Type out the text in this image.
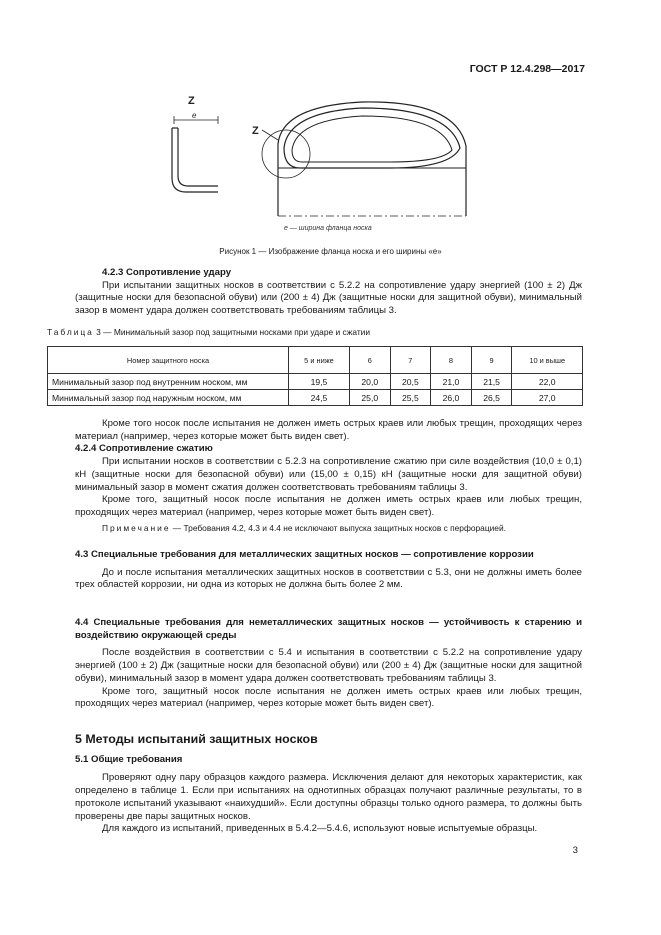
ГОСТ Р 12.4.298—2017
Z
e
Z
е — ширина фланца носка
Рисунок 1 — Изображение фланца носка и его ширины «е»

4.2.3 Сопротивление удару

При испытании защитных носков в соответствии с 5.2.2 на сопротивление удару энергией (100 ± 2) Дж (защитные носки для безопасной обуви) или (200 ± 4) Дж (защитные носки для защитной обуви), минимальный зазор в момент удара должен соответствовать требованиям таблицы 3.

Таблица 3 — Минимальный зазор под защитными носками при ударе и сжатии
Номер защитного носка	5 и ниже	6	7	8	9	10 и выше
Минимальный зазор под внутренним носком, мм	19,5	20,0	20,5	21,0	21,5	22,0
Минимальный зазор под наружным носком, мм	24,5	25,0	25,5	26,0	26,5	27,0

Кроме того носок после испытания не должен иметь острых краев или любых трещин, проходящих через материал (например, через которые может быть виден свет).

4.2.4 Сопротивление сжатию

При испытании носков в соответствии с 5.2.3 на сопротивление сжатию при силе воздействия (10,0 ± 0,1) кН (защитные носки для безопасной обуви) или (15,00 ± 0,15) кН (защитные носки для защитной обуви) минимальный зазор в момент сжатия должен соответствовать требованиям таблицы 3.

Кроме того, защитный носок после испытания не должен иметь острых краев или любых трещин, проходящих через материал (например, через которые может быть виден свет).

Примечание — Требования 4.2, 4.3 и 4.4 не исключают выпуска защитных носков с перфорацией.

4.3 Специальные требования для металлических защитных носков — сопротивление коррозии

До и после испытания металлических защитных носков в соответствии с 5.3, они не должны иметь более трех областей коррозии, ни одна из которых не должна быть более 2 мм.

4.4 Специальные требования для неметаллических защитных носков — устойчивость к старению и воздействию окружающей среды

После воздействия в соответствии с 5.4 и испытания в соответствии с 5.2.2 на сопротивление удару энергией (100 ± 2) Дж (защитные носки для безопасной обуви) или (200 ± 4) Дж (защитные носки для защитной обуви), минимальный зазор в момент удара должен соответствовать требованиям таблицы 3.

Кроме того, защитный носок после испытания не должен иметь острых краев или любых трещин, проходящих через материал (например, через которые может быть виден свет).

5 Методы испытаний защитных носков

5.1 Общие требования

Проверяют одну пару образцов каждого размера. Исключения делают для некоторых характеристик, как определено в таблице 1. Если при испытаниях на однотипных образцах получают различные результаты, то в протоколе испытаний указывают «наихудший». Если доступны образцы только одного размера, то должны быть проверены две пары защитных носков.

Для каждого из испытаний, приведенных в 5.4.2—5.4.6, используют новые испытуемые образцы.

3
